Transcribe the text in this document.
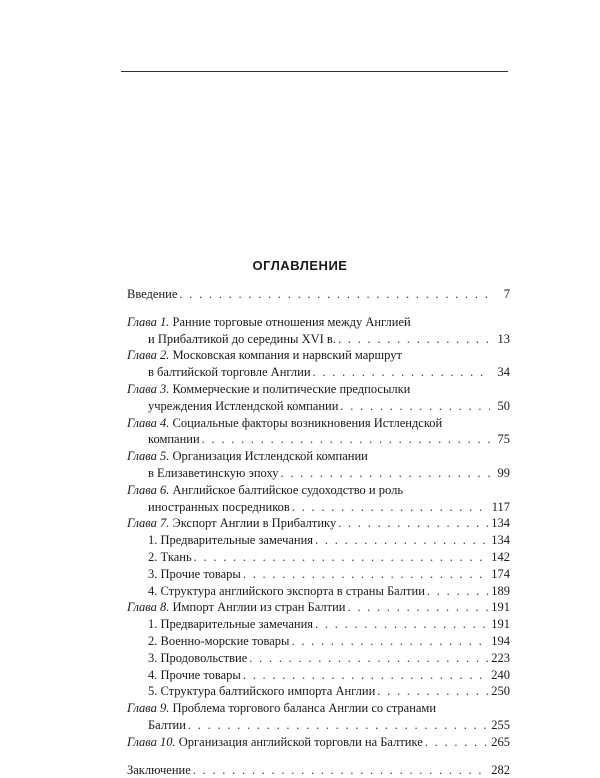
ОГЛАВЛЕНИЕ
Введение . . .	7
Глава 1. Ранние торговые отношения между Англией
и Прибалтикой до середины XVI в. . . .	13
Глава 2. Московская компания и нарвский маршрут
в балтийской торговле Англии . . .	34
Глава 3. Коммерческие и политические предпосылки
учреждения Истлендской компании . . .	50
Глава 4. Социальные факторы возникновения Истлендской
компании . . .	75
Глава 5. Организация Истлендской компании
в Елизаветинскую эпоху . . .	99
Глава 6. Английское балтийское судоходство и роль
иностранных посредников . . .	117
Глава 7. Экспорт Англии в Прибалтику . . .	134
1. Предварительные замечания . . .	134
2. Ткань . . .	142
3. Прочие товары . . .	174
4. Структура английского экспорта в страны Балтии . . .	189
Глава 8. Импорт Англии из стран Балтии . . .	191
1. Предварительные замечания . . .	191
2. Военно-морские товары . . .	194
3. Продовольствие . . .	223
4. Прочие товары . . .	240
5. Структура балтийского импорта Англии . . .	250
Глава 9. Проблема торгового баланса Англии со странами
Балтии . . .	255
Глава 10. Организация английской торговли на Балтике . . .	265
Заключение . . .	282
